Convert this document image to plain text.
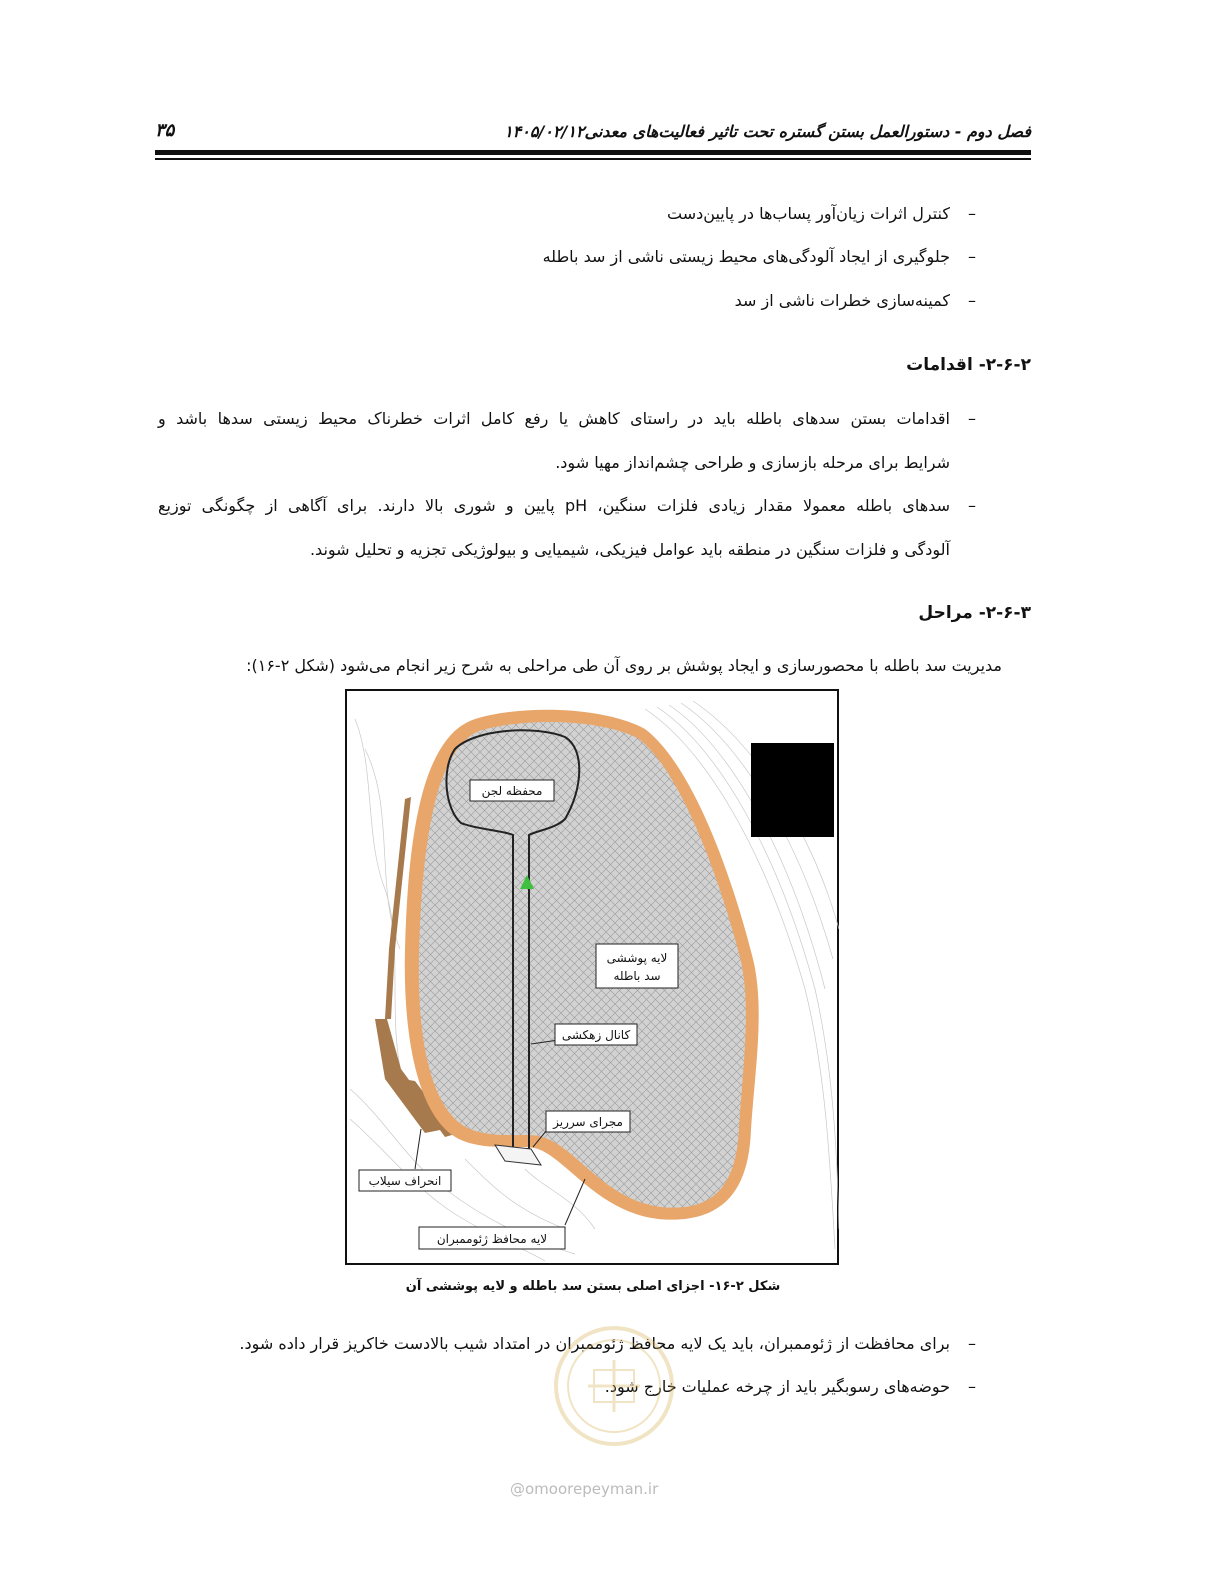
فصل دوم - دستورالعمل بستن گستره تحت تاثیر فعالیت‌های معدنی۱۴۰۵/۰۲/۱۲
۳۵
–
کنترل اثرات زیان‌آور پساب‌ها در پایین‌دست
–
جلوگیری از ایجاد آلودگی‌های محیط زیستی ناشی از سد باطله
–
کمینه‌سازی خطرات ناشی از سد
۲-۶-۲- اقدامات
–
اقدامات بستن سدهای باطله باید در راستای کاهش یا رفع کامل اثرات خطرناک محیط زیستی سدها باشد و
شرایط برای مرحله بازسازی و طراحی چشم‌انداز مهیا شود.
–
سدهای باطله معمولا مقدار زیادی فلزات سنگین، pH پایین و شوری بالا دارند. برای آگاهی از چگونگی توزیع
آلودگی و فلزات سنگین در منطقه باید عوامل فیزیکی، شیمیایی و بیولوژیکی تجزیه و تحلیل شوند.
۲-۶-۳- مراحل
مدیریت سد باطله با محصورسازی و ایجاد پوشش بر روی آن طی مراحلی به شرح زیر انجام می‌شود (شکل ۲-۱۶):
محفظه لجن
لایه پوششی
سد باطله
کانال زهکشی
مجرای سرریز
انحراف سیلاب
لایه محافظ ژئوممبران
شکل ۲-۱۶- اجزای اصلی بستن سد باطله و لایه پوششی آن
–
برای محافظت از ژئوممبران، باید یک لایه محافظ ژئوممبران در امتداد شیب بالادست خاکریز قرار داده شود.
–
حوضه‌های رسوبگیر باید از چرخه عملیات خارج شود.
@omoorepeyman.ir
